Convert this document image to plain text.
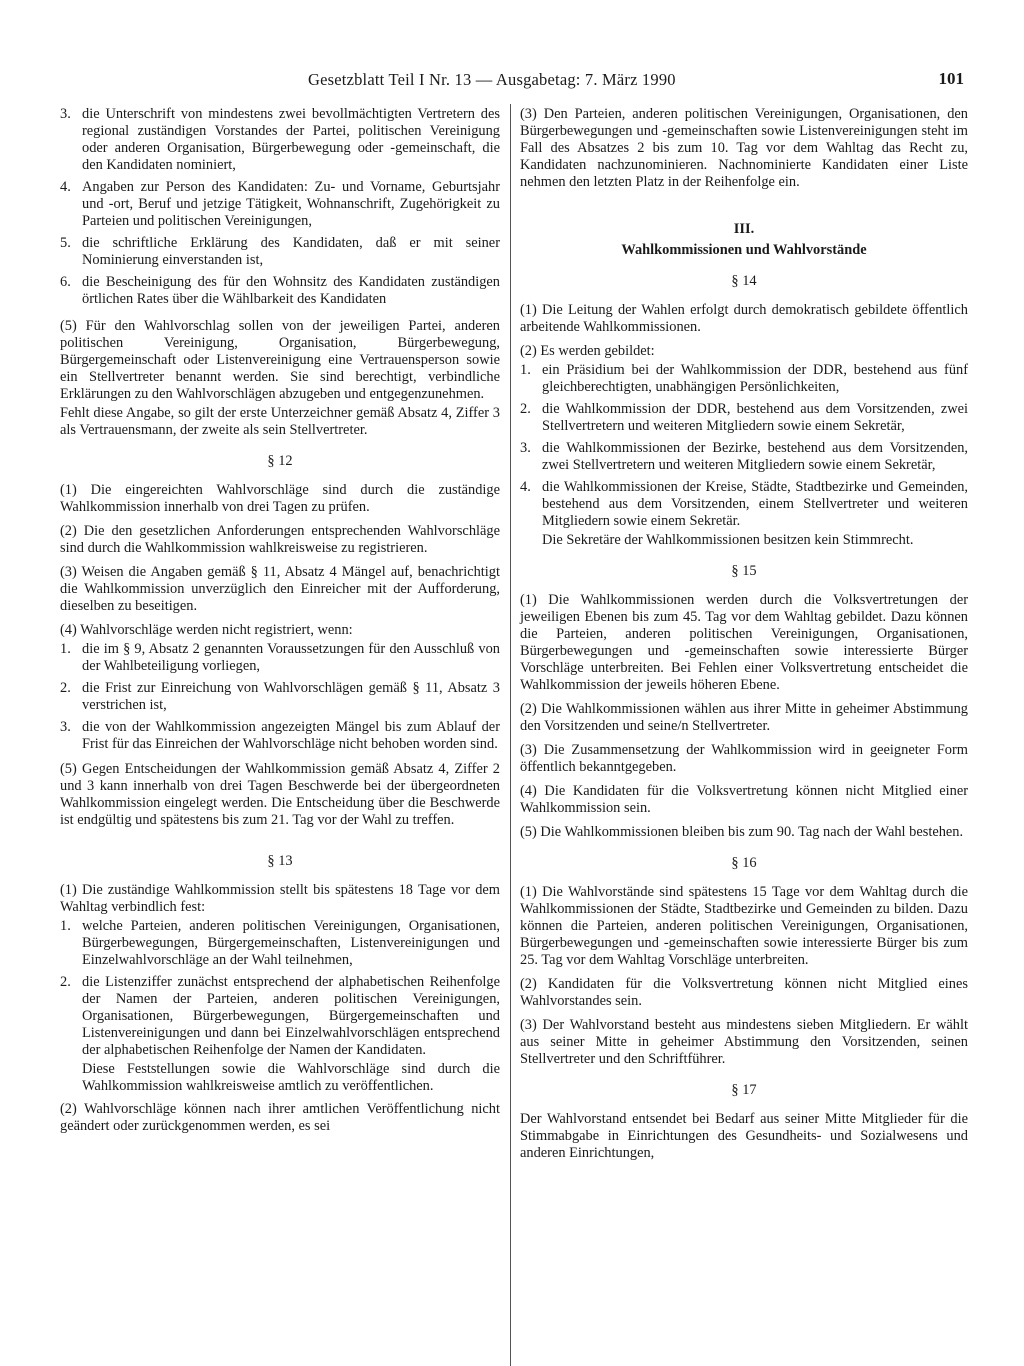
Gesetzblatt Teil I Nr. 13 — Ausgabetag: 7. März 1990	101
3. die Unterschrift von mindestens zwei bevollmächtigten Vertretern des regional zuständigen Vorstandes der Partei, politischen Vereinigung oder anderen Organisation, Bürgerbewegung oder -gemeinschaft, die den Kandidaten nominiert,
4. Angaben zur Person des Kandidaten: Zu- und Vorname, Geburtsjahr und -ort, Beruf und jetzige Tätigkeit, Wohnanschrift, Zugehörigkeit zu Parteien und politischen Vereinigungen,
5. die schriftliche Erklärung des Kandidaten, daß er mit seiner Nominierung einverstanden ist,
6. die Bescheinigung des für den Wohnsitz des Kandidaten zuständigen örtlichen Rates über die Wählbarkeit des Kandidaten

(5) Für den Wahlvorschlag sollen von der jeweiligen Partei, anderen politischen Vereinigung, Organisation, Bürgerbewegung, Bürgergemeinschaft oder Listenvereinigung eine Vertrauensperson sowie ein Stellvertreter benannt werden. Sie sind berechtigt, verbindliche Erklärungen zu den Wahlvorschlägen abzugeben und entgegenzunehmen.

Fehlt diese Angabe, so gilt der erste Unterzeichner gemäß Absatz 4, Ziffer 3 als Vertrauensmann, der zweite als sein Stellvertreter.

§ 12

(1) Die eingereichten Wahlvorschläge sind durch die zuständige Wahlkommission innerhalb von drei Tagen zu prüfen.

(2) Die den gesetzlichen Anforderungen entsprechenden Wahlvorschläge sind durch die Wahlkommission wahlkreisweise zu registrieren.

(3) Weisen die Angaben gemäß § 11, Absatz 4 Mängel auf, benachrichtigt die Wahlkommission unverzüglich den Einreicher mit der Aufforderung, dieselben zu beseitigen.

(4) Wahlvorschläge werden nicht registriert, wenn:

1. die im § 9, Absatz 2 genannten Voraussetzungen für den Ausschluß von der Wahlbeteiligung vorliegen,
2. die Frist zur Einreichung von Wahlvorschlägen gemäß § 11, Absatz 3 verstrichen ist,
3. die von der Wahlkommission angezeigten Mängel bis zum Ablauf der Frist für das Einreichen der Wahlvorschläge nicht behoben worden sind.

(5) Gegen Entscheidungen der Wahlkommission gemäß Absatz 4, Ziffer 2 und 3 kann innerhalb von drei Tagen Beschwerde bei der übergeordneten Wahlkommission eingelegt werden. Die Entscheidung über die Beschwerde ist endgültig und spätestens bis zum 21. Tag vor der Wahl zu treffen.

§ 13

(1) Die zuständige Wahlkommission stellt bis spätestens 18 Tage vor dem Wahltag verbindlich fest:

1. welche Parteien, anderen politischen Vereinigungen, Organisationen, Bürgerbewegungen, Bürgergemeinschaften, Listenvereinigungen und Einzelwahlvorschläge an der Wahl teilnehmen,
2. die Listenziffer zunächst entsprechend der alphabetischen Reihenfolge der Namen der Parteien, anderen politischen Vereinigungen, Organisationen, Bürgerbewegungen, Bürgergemeinschaften und Listenvereinigungen und dann bei Einzelwahlvorschlägen entsprechend der alphabetischen Reihenfolge der Namen der Kandidaten.
Diese Feststellungen sowie die Wahlvorschläge sind durch die Wahlkommission wahlkreisweise amtlich zu veröffentlichen.

(2) Wahlvorschläge können nach ihrer amtlichen Veröffentlichung nicht geändert oder zurückgenommen werden, es sei

(3) Den Parteien, anderen politischen Vereinigungen, Organisationen, den Bürgerbewegungen und -gemeinschaften sowie Listenvereinigungen steht im Fall des Absatzes 2 bis zum 10. Tag vor dem Wahltag das Recht zu, Kandidaten nachzunominieren. Nachnominierte Kandidaten einer Liste nehmen den letzten Platz in der Reihenfolge ein.

III.
Wahlkommissionen und Wahlvorstände
§ 14

(1) Die Leitung der Wahlen erfolgt durch demokratisch gebildete öffentlich arbeitende Wahlkommissionen.

(2) Es werden gebildet:

1. ein Präsidium bei der Wahlkommission der DDR, bestehend aus fünf gleichberechtigten, unabhängigen Persönlichkeiten,
2. die Wahlkommission der DDR, bestehend aus dem Vorsitzenden, zwei Stellvertretern und weiteren Mitgliedern sowie einem Sekretär,
3. die Wahlkommissionen der Bezirke, bestehend aus dem Vorsitzenden, zwei Stellvertretern und weiteren Mitgliedern sowie einem Sekretär,
4. die Wahlkommissionen der Kreise, Städte, Stadtbezirke und Gemeinden, bestehend aus dem Vorsitzenden, einem Stellvertreter und weiteren Mitgliedern sowie einem Sekretär.
Die Sekretäre der Wahlkommissionen besitzen kein Stimmrecht.
§ 15

(1) Die Wahlkommissionen werden durch die Volksvertretungen der jeweiligen Ebenen bis zum 45. Tag vor dem Wahltag gebildet. Dazu können die Parteien, anderen politischen Vereinigungen, Organisationen, Bürgerbewegungen und -gemeinschaften sowie interessierte Bürger Vorschläge unterbreiten. Bei Fehlen einer Volksvertretung entscheidet die Wahlkommission der jeweils höheren Ebene.

(2) Die Wahlkommissionen wählen aus ihrer Mitte in geheimer Abstimmung den Vorsitzenden und seine/n Stellvertreter.

(3) Die Zusammensetzung der Wahlkommission wird in geeigneter Form öffentlich bekanntgegeben.

(4) Die Kandidaten für die Volksvertretung können nicht Mitglied einer Wahlkommission sein.

(5) Die Wahlkommissionen bleiben bis zum 90. Tag nach der Wahl bestehen.

§ 16

(1) Die Wahlvorstände sind spätestens 15 Tage vor dem Wahltag durch die Wahlkommissionen der Städte, Stadtbezirke und Gemeinden zu bilden. Dazu können die Parteien, anderen politischen Vereinigungen, Organisationen, Bürgerbewegungen und -gemeinschaften sowie interessierte Bürger bis zum 25. Tag vor dem Wahltag Vorschläge unterbreiten.

(2) Kandidaten für die Volksvertretung können nicht Mitglied eines Wahlvorstandes sein.

(3) Der Wahlvorstand besteht aus mindestens sieben Mitgliedern. Er wählt aus seiner Mitte in geheimer Abstimmung den Vorsitzenden, seinen Stellvertreter und den Schriftführer.

§ 17

Der Wahlvorstand entsendet bei Bedarf aus seiner Mitte Mitglieder für die Stimmabgabe in Einrichtungen des Gesundheits- und Sozialwesens und anderen Einrichtungen,
